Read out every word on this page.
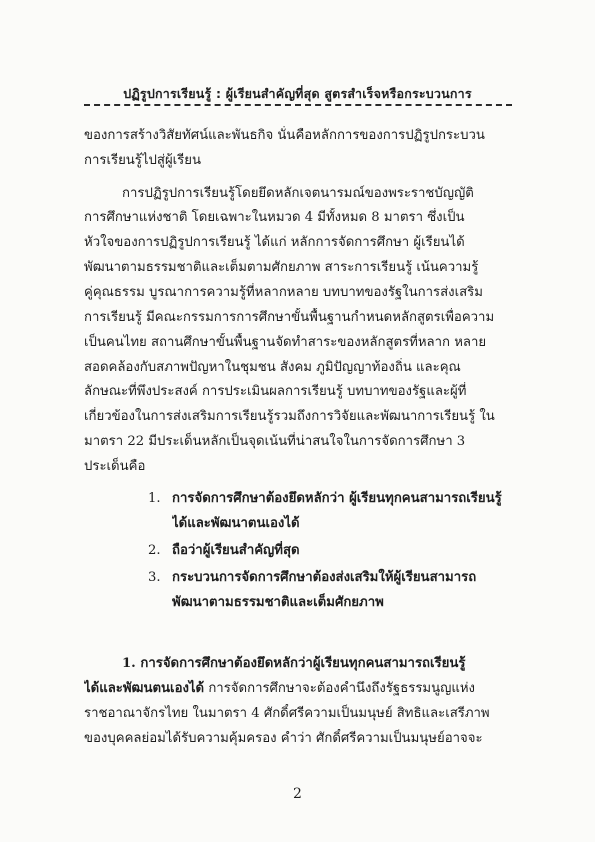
ปฏิรูปการเรียนรู้ : ผู้เรียนสำคัญที่สุด สูตรสำเร็จหรือกระบวนการ
ของการสร้างวิสัยทัศน์และพันธกิจ นั่นคือหลักการของการปฏิรูปกระบวน
การเรียนรู้ไปสู่ผู้เรียน
การปฏิรูปการเรียนรู้โดยยึดหลักเจตนารมณ์ของพระราชบัญญัติ
การศึกษาแห่งชาติ โดยเฉพาะในหมวด 4 มีทั้งหมด 8 มาตรา ซึ่งเป็น
หัวใจของการปฏิรูปการเรียนรู้ ได้แก่ หลักการจัดการศึกษา ผู้เรียนได้
พัฒนาตามธรรมชาติและเต็มตามศักยภาพ สาระการเรียนรู้ เน้นความรู้
คู่คุณธรรม บูรณาการความรู้ที่หลากหลาย บทบาทของรัฐในการส่งเสริม
การเรียนรู้ มีคณะกรรมการการศึกษาขั้นพื้นฐานกำหนดหลักสูตรเพื่อความ
เป็นคนไทย สถานศึกษาขั้นพื้นฐานจัดทำสาระของหลักสูตรที่หลาก หลาย
สอดคล้องกับสภาพปัญหาในชุมชน สังคม ภูมิปัญญาท้องถิ่น และคุณ
ลักษณะที่พึงประสงค์ การประเมินผลการเรียนรู้ บทบาทของรัฐและผู้ที่
เกี่ยวข้องในการส่งเสริมการเรียนรู้รวมถึงการวิจัยและพัฒนาการเรียนรู้ ใน
มาตรา 22 มีประเด็นหลักเป็นจุดเน้นที่น่าสนใจในการจัดการศึกษา 3
ประเด็นคือ
1. การจัดการศึกษาต้องยึดหลักว่า ผู้เรียนทุกคนสามารถเรียนรู้
ได้และพัฒนาตนเองได้
2. ถือว่าผู้เรียนสำคัญที่สุด
3. กระบวนการจัดการศึกษาต้องส่งเสริมให้ผู้เรียนสามารถ
พัฒนาตามธรรมชาติและเต็มศักยภาพ
1. การจัดการศึกษาต้องยึดหลักว่าผู้เรียนทุกคนสามารถเรียนรู้
ได้และพัฒนตนเองได้ การจัดการศึกษาจะต้องคำนึงถึงรัฐธรรมนูญแห่ง
ราชอาณาจักรไทย ในมาตรา 4 ศักดิ์ศรีความเป็นมนุษย์ สิทธิและเสรีภาพ
ของบุคคลย่อมได้รับความคุ้มครอง คำว่า ศักดิ์ศรีความเป็นมนุษย์อาจจะ
2
